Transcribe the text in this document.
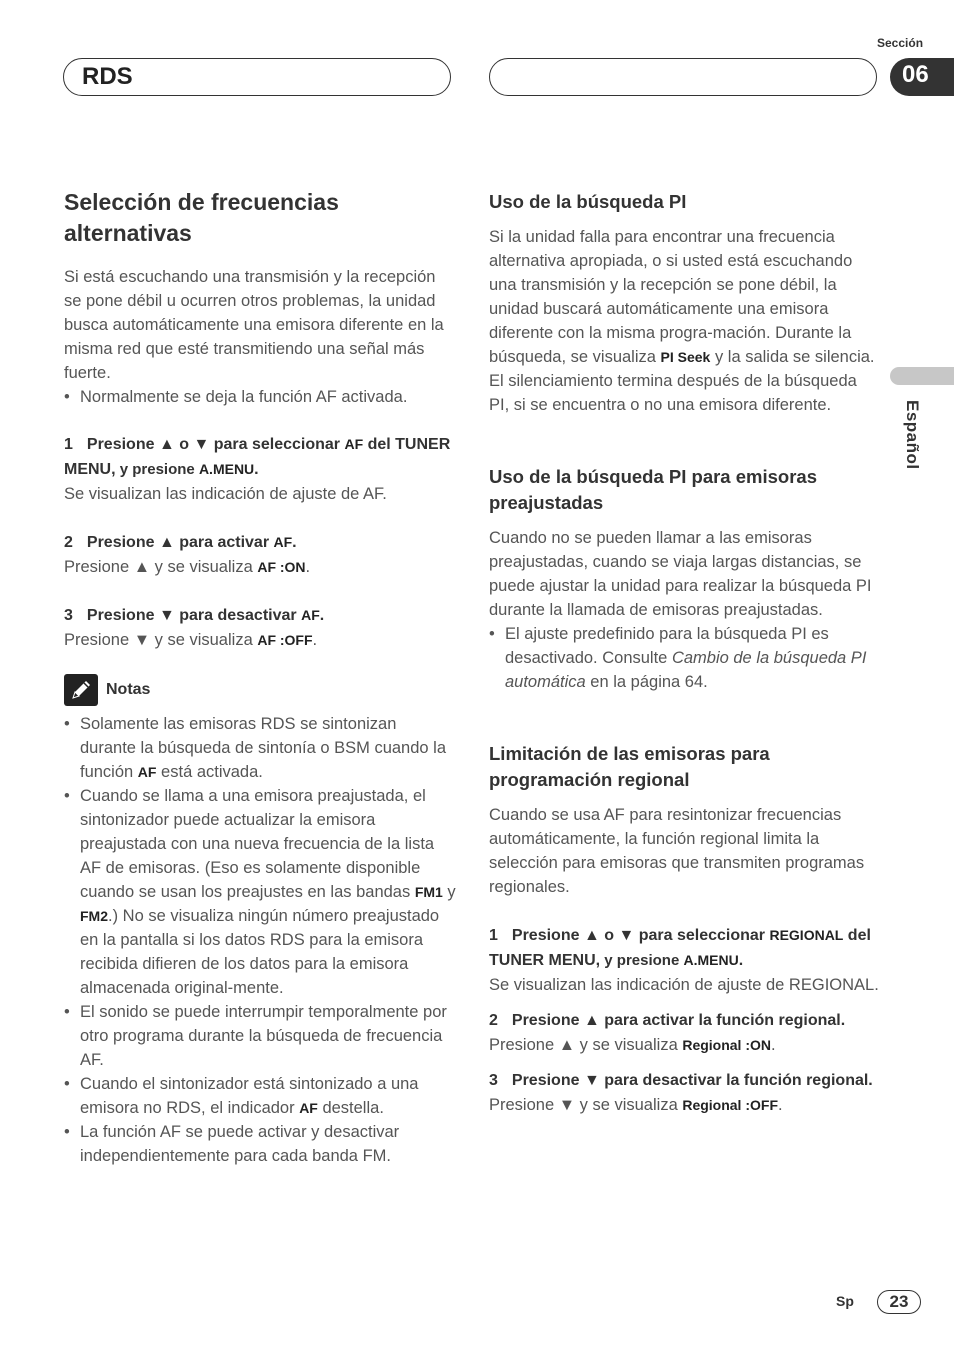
RDS
Sección
06
Español
Selección de frecuencias alternativas

Si está escuchando una transmisión y la recepción se pone débil u ocurren otros problemas, la unidad busca automáticamente una emisora diferente en la misma red que esté transmitiendo una señal más fuerte.

• Normalmente se deja la función AF activada.

1 Presione ▲ o ▼ para seleccionar AF del TUNER MENU, y presione A.MENU.

Se visualizan las indicación de ajuste de AF.

2 Presione ▲ para activar AF.

Presione ▲ y se visualiza AF :ON.

3 Presione ▼ para desactivar AF.

Presione ▼ y se visualiza AF :OFF.

Notas
• Solamente las emisoras RDS se sintonizan durante la búsqueda de sintonía o BSM cuando la función AF está activada.
• Cuando se llama a una emisora preajustada, el sintonizador puede actualizar la emisora preajustada con una nueva frecuencia de la lista AF de emisoras. (Eso es solamente disponible cuando se usan los preajustes en las bandas FM1 y FM2.) No se visualiza ningún número preajustado en la pantalla si los datos RDS para la emisora recibida difieren de los datos para la emisora almacenada original-mente.
• El sonido se puede interrumpir temporalmente por otro programa durante la búsqueda de frecuencia AF.
• Cuando el sintonizador está sintonizado a una emisora no RDS, el indicador AF destella.
• La función AF se puede activar y desactivar independientemente para cada banda FM.
Uso de la búsqueda PI

Si la unidad falla para encontrar una frecuencia alternativa apropiada, o si usted está escuchando una transmisión y la recepción se pone débil, la unidad buscará automáticamente una emisora diferente con la misma progra-mación. Durante la búsqueda, se visualiza PI Seek y la salida se silencia. El silenciamiento termina después de la búsqueda PI, si se encuentra o no una emisora diferente.

Uso de la búsqueda PI para emisoras preajustadas

Cuando no se pueden llamar a las emisoras preajustadas, cuando se viaja largas distancias, se puede ajustar la unidad para realizar la búsqueda PI durante la llamada de emisoras preajustadas.

• El ajuste predefinido para la búsqueda PI es desactivado. Consulte Cambio de la búsqueda PI automática en la página 64.
Limitación de las emisoras para programación regional

Cuando se usa AF para resintonizar frecuencias automáticamente, la función regional limita la selección para emisoras que transmiten programas regionales.

1 Presione ▲ o ▼ para seleccionar REGIONAL del TUNER MENU, y presione A.MENU.

Se visualizan las indicación de ajuste de REGIONAL.

2 Presione ▲ para activar la función regional.

Presione ▲ y se visualiza Regional :ON.

3 Presione ▼ para desactivar la función regional.

Presione ▼ y se visualiza Regional :OFF.

Sp	23
